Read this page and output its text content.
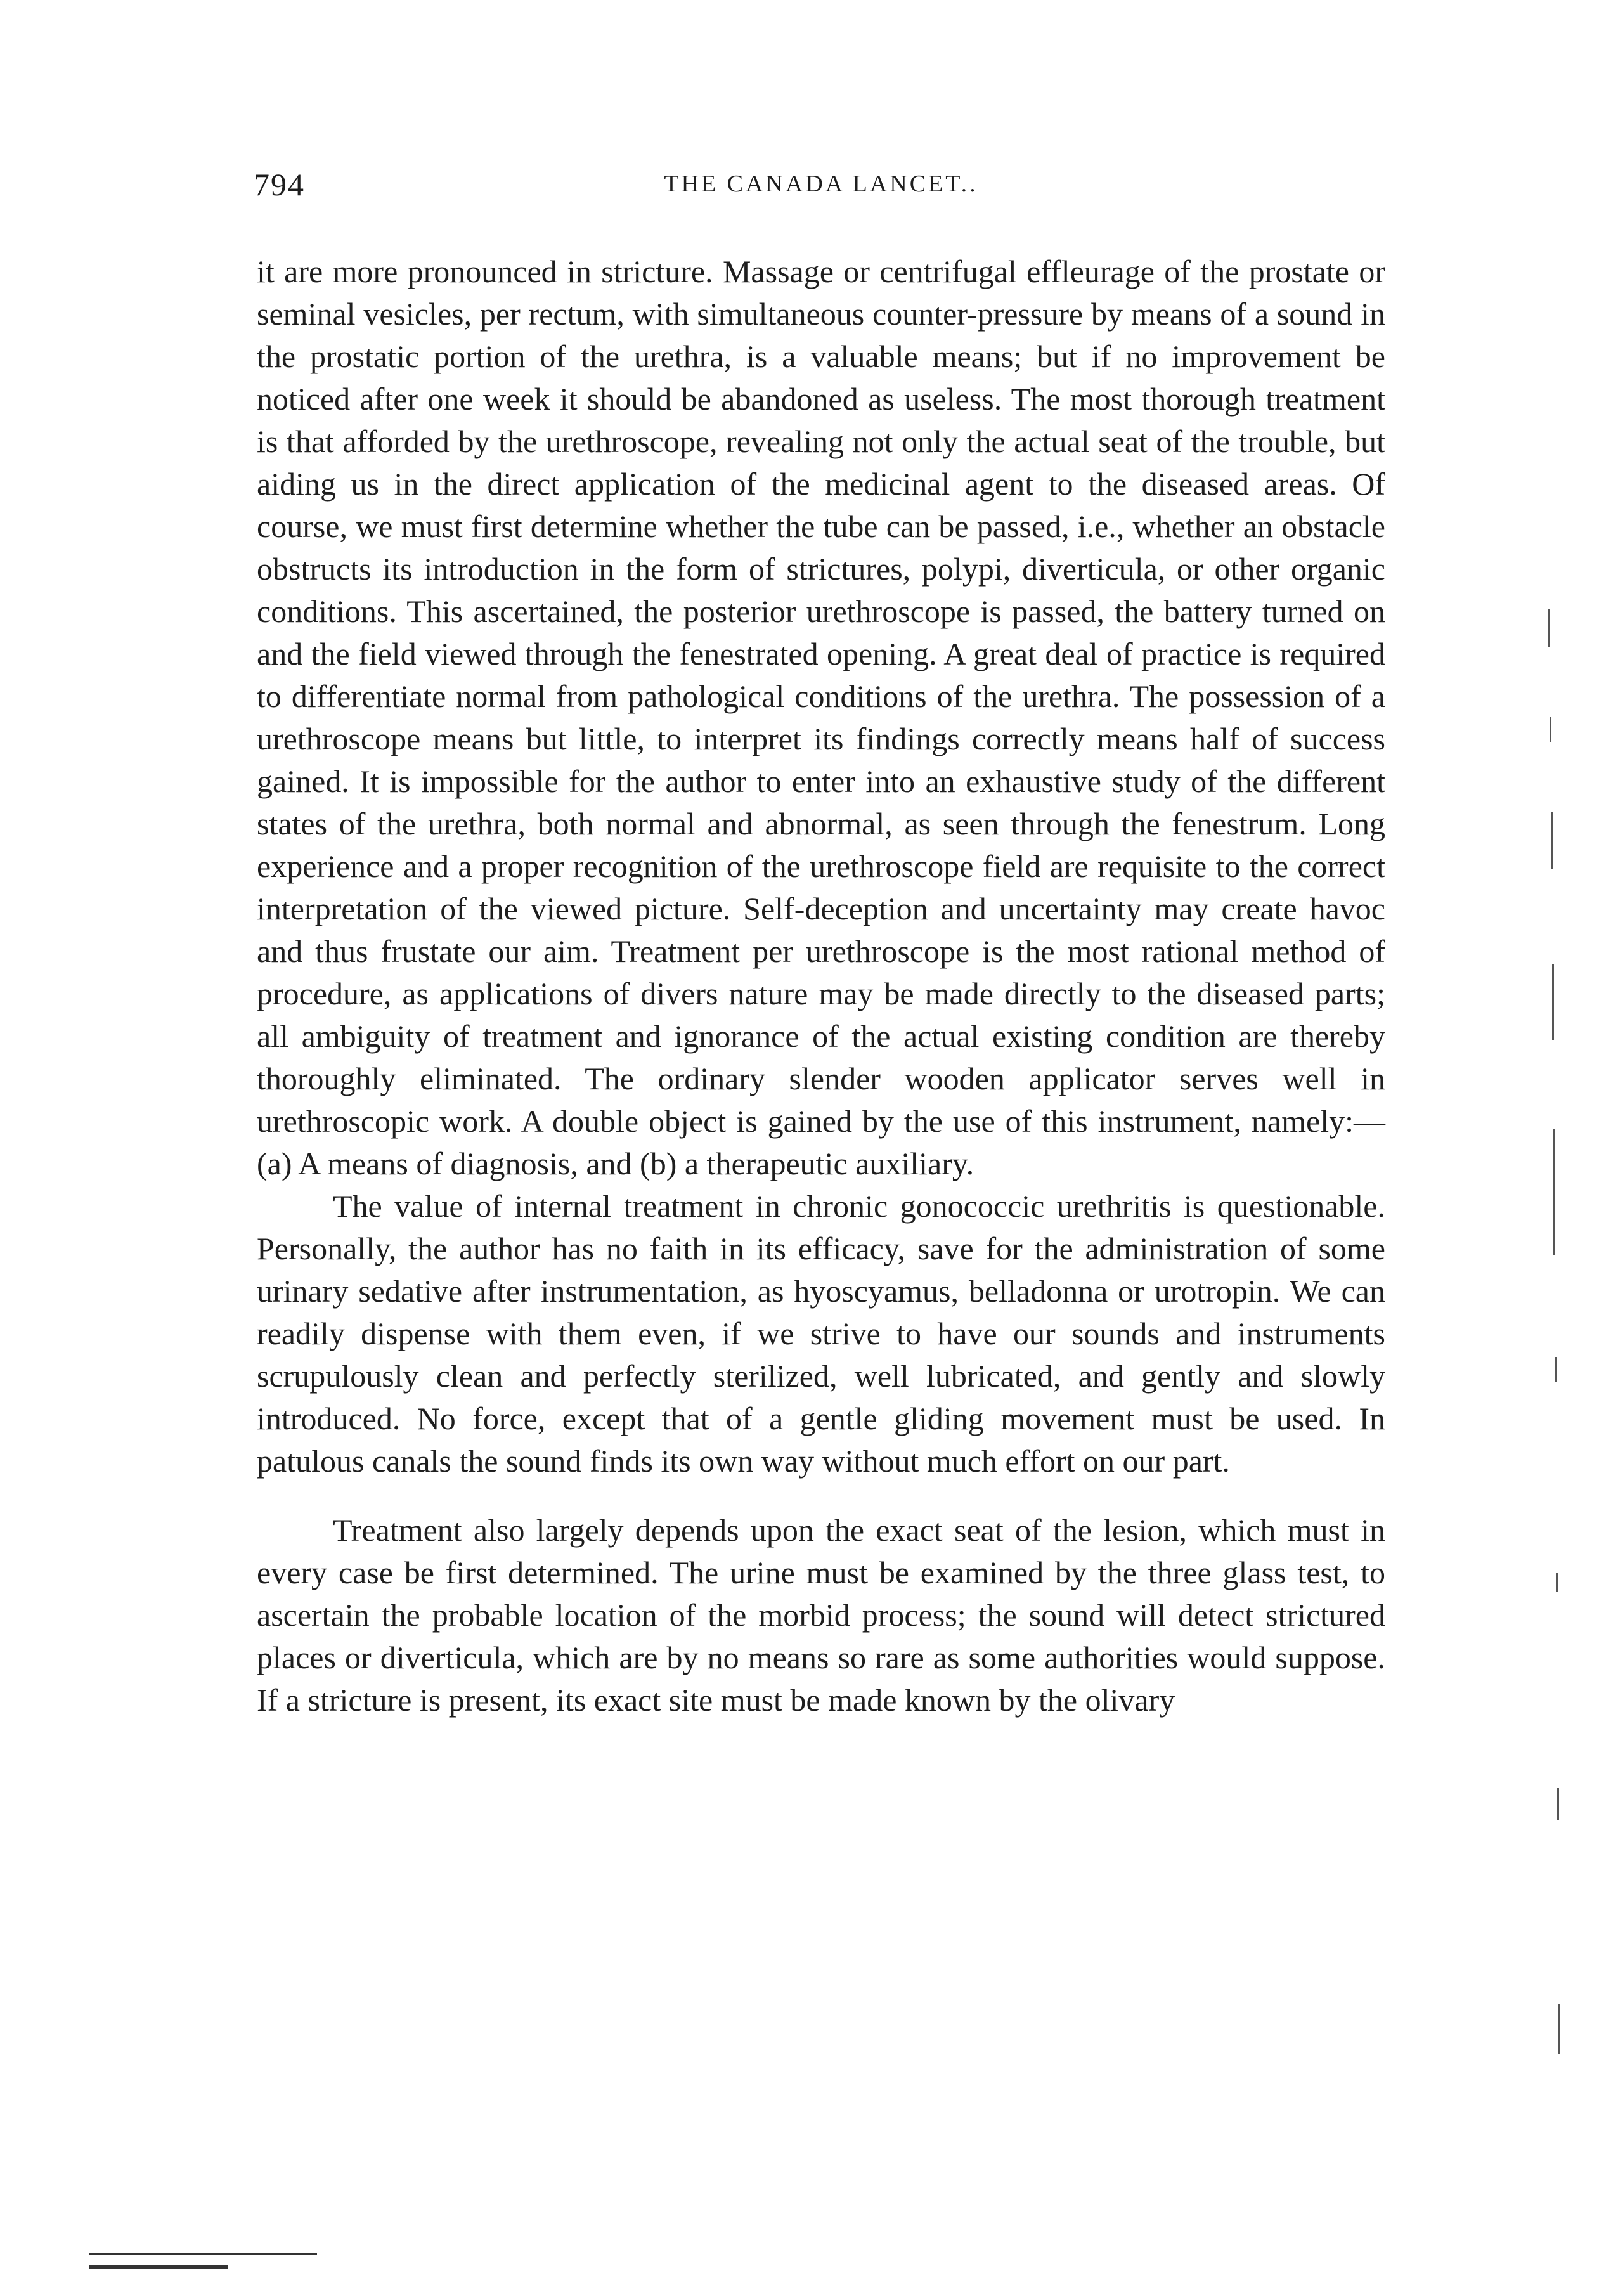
794	THE CANADA LANCET..

it are more pronounced in stricture. Massage or centrifugal effleurage of the prostate or seminal vesicles, per rectum, with simultaneous counter-pressure by means of a sound in the prostatic portion of the urethra, is a valuable means; but if no improvement be noticed after one week it should be abandoned as useless. The most thorough treatment is that afforded by the urethroscope, revealing not only the actual seat of the trouble, but aiding us in the direct application of the medicinal agent to the diseased areas. Of course, we must first determine whether the tube can be passed, i.e., whether an obstacle obstructs its introduction in the form of strictures, polypi, diverticula, or other organic conditions. This ascertained, the posterior urethroscope is passed, the battery turned on and the field viewed through the fenestrated opening. A great deal of practice is required to differentiate normal from pathological conditions of the urethra. The possession of a urethroscope means but little, to interpret its findings correctly means half of success gained. It is impossible for the author to enter into an exhaustive study of the different states of the urethra, both normal and abnormal, as seen through the fenestrum. Long experience and a proper recognition of the urethroscope field are requisite to the correct interpretation of the viewed picture. Self-deception and uncertainty may create havoc and thus frustate our aim. Treatment per urethroscope is the most rational method of procedure, as applications of divers nature may be made directly to the diseased parts; all ambiguity of treatment and ignorance of the actual existing condition are thereby thoroughly eliminated. The ordinary slender wooden applicator serves well in urethroscopic work. A double object is gained by the use of this instrument, namely:—(a) A means of diagnosis, and (b) a therapeutic auxiliary.

The value of internal treatment in chronic gonococcic urethritis is questionable. Personally, the author has no faith in its efficacy, save for the administration of some urinary sedative after instrumentation, as hyoscyamus, belladonna or urotropin. We can readily dispense with them even, if we strive to have our sounds and instruments scrupulously clean and perfectly sterilized, well lubricated, and gently and slowly introduced. No force, except that of a gentle gliding movement must be used. In patulous canals the sound finds its own way without much effort on our part.

Treatment also largely depends upon the exact seat of the lesion, which must in every case be first determined. The urine must be examined by the three glass test, to ascertain the probable location of the morbid process; the sound will detect strictured places or diverticula, which are by no means so rare as some authorities would suppose. If a stricture is present, its exact site must be made known by the olivary
